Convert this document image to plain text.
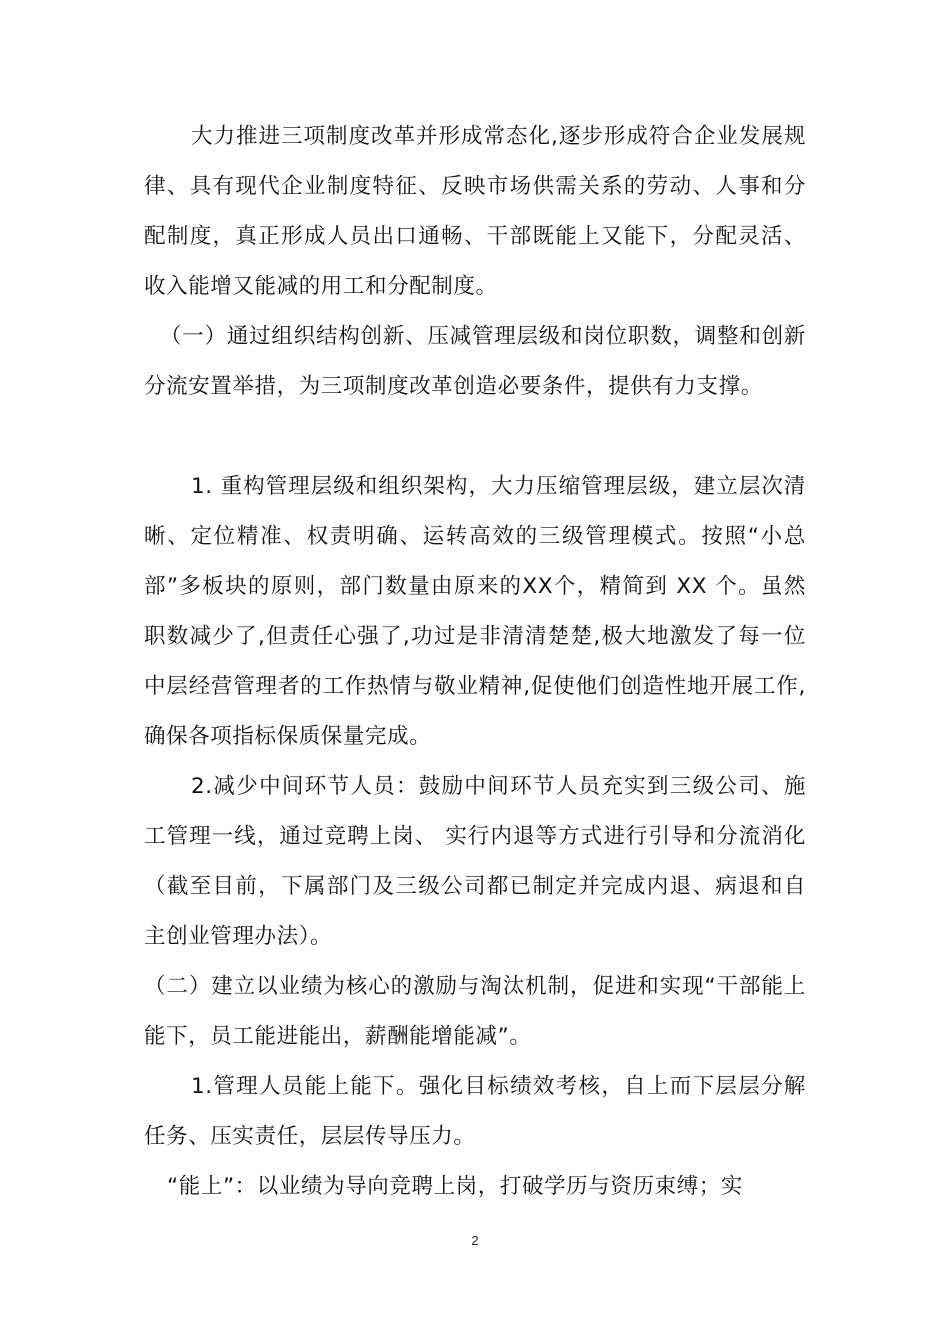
大力推进三项制度改革并形成常态化,逐步形成符合企业发展规律、具有现代企业制度特征、反映市场供需关系的劳动、人事和分配制度，真正形成人员出口通畅、干部既能上又能下，分配灵活、收入能增又能减的用工和分配制度。

（一）通过组织结构创新、压减管理层级和岗位职数，调整和创新分流安置举措，为三项制度改革创造必要条件，提供有力支撑。

1. 重构管理层级和组织架构，大力压缩管理层级，建立层次清晰、定位精准、权责明确、运转高效的三级管理模式。按照“小总部”多板块的原则，部门数量由原来的XX个，精简到 XX 个。虽然职数减少了,但责任心强了,功过是非清清楚楚,极大地激发了每一位中层经营管理者的工作热情与敬业精神,促使他们创造性地开展工作,确保各项指标保质保量完成。

2.减少中间环节人员：鼓励中间环节人员充实到三级公司、施工管理一线，通过竞聘上岗、 实行内退等方式进行引导和分流消化（截至目前，下属部门及三级公司都已制定并完成内退、病退和自主创业管理办法）。

（二）建立以业绩为核心的激励与淘汰机制，促进和实现“干部能上能下，员工能进能出，薪酬能增能减”。

1.管理人员能上能下。强化目标绩效考核，自上而下层层分解任务、压实责任，层层传导压力。

“能上”：以业绩为导向竞聘上岗，打破学历与资历束缚；实

2
